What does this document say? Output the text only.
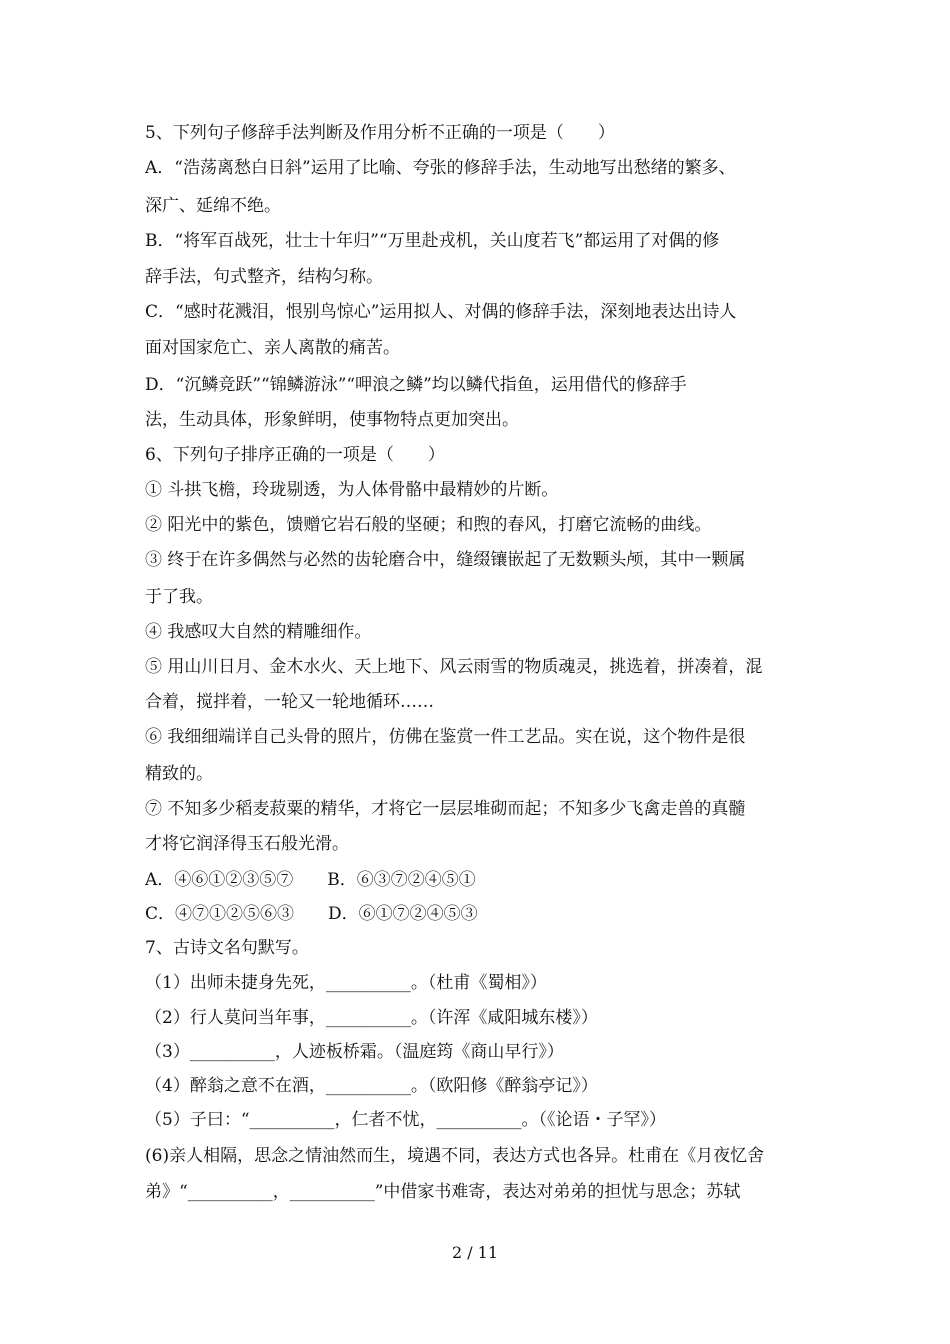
5、下列句子修辞手法判断及作用分析不正确的一项是（　　）
A．“浩荡离愁白日斜”运用了比喻、夸张的修辞手法，生动地写出愁绪的繁多、
深广、延绵不绝。
B．“将军百战死，壮士十年归”“万里赴戎机，关山度若飞”都运用了对偶的修
辞手法，句式整齐，结构匀称。
C．“感时花溅泪，恨别鸟惊心”运用拟人、对偶的修辞手法，深刻地表达出诗人
面对国家危亡、亲人离散的痛苦。
D．“沉鳞竞跃”“锦鳞游泳”“呷浪之鳞”均以鳞代指鱼，运用借代的修辞手
法，生动具体，形象鲜明，使事物特点更加突出。
6、下列句子排序正确的一项是（　　）
① 斗拱飞檐，玲珑剔透，为人体骨骼中最精妙的片断。
② 阳光中的紫色，馈赠它岩石般的坚硬；和煦的春风，打磨它流畅的曲线。
③ 终于在许多偶然与必然的齿轮磨合中，缝缀镶嵌起了无数颗头颅，其中一颗属
于了我。
④ 我感叹大自然的精雕细作。
⑤ 用山川日月、金木水火、天上地下、风云雨雪的物质魂灵，挑选着，拼凑着，混
合着，搅拌着，一轮又一轮地循环……
⑥ 我细细端详自己头骨的照片，仿佛在鉴赏一件工艺品。实在说，这个物件是很
精致的。
⑦ 不知多少稻麦菽粟的精华，才将它一层层堆砌而起；不知多少飞禽走兽的真髓
才将它润泽得玉石般光滑。
A．④⑥①②③⑤⑦　　B．⑥③⑦②④⑤①
C．④⑦①②⑤⑥③　　D．⑥①⑦②④⑤③
7、古诗文名句默写。
（1）出师未捷身先死，__________。（杜甫《蜀相》）
（2）行人莫问当年事，__________。（许浑《咸阳城东楼》）
（3）__________，人迹板桥霜。（温庭筠《商山早行》）
（4）醉翁之意不在酒，__________。（欧阳修《醉翁亭记》）
（5）子曰：“__________，仁者不忧，__________。（《论语・子罕》）
(6)亲人相隔，思念之情油然而生，境遇不同，表达方式也各异。杜甫在《月夜忆舍
弟》“__________，__________”中借家书难寄，表达对弟弟的担忧与思念；苏轼
2 / 11
